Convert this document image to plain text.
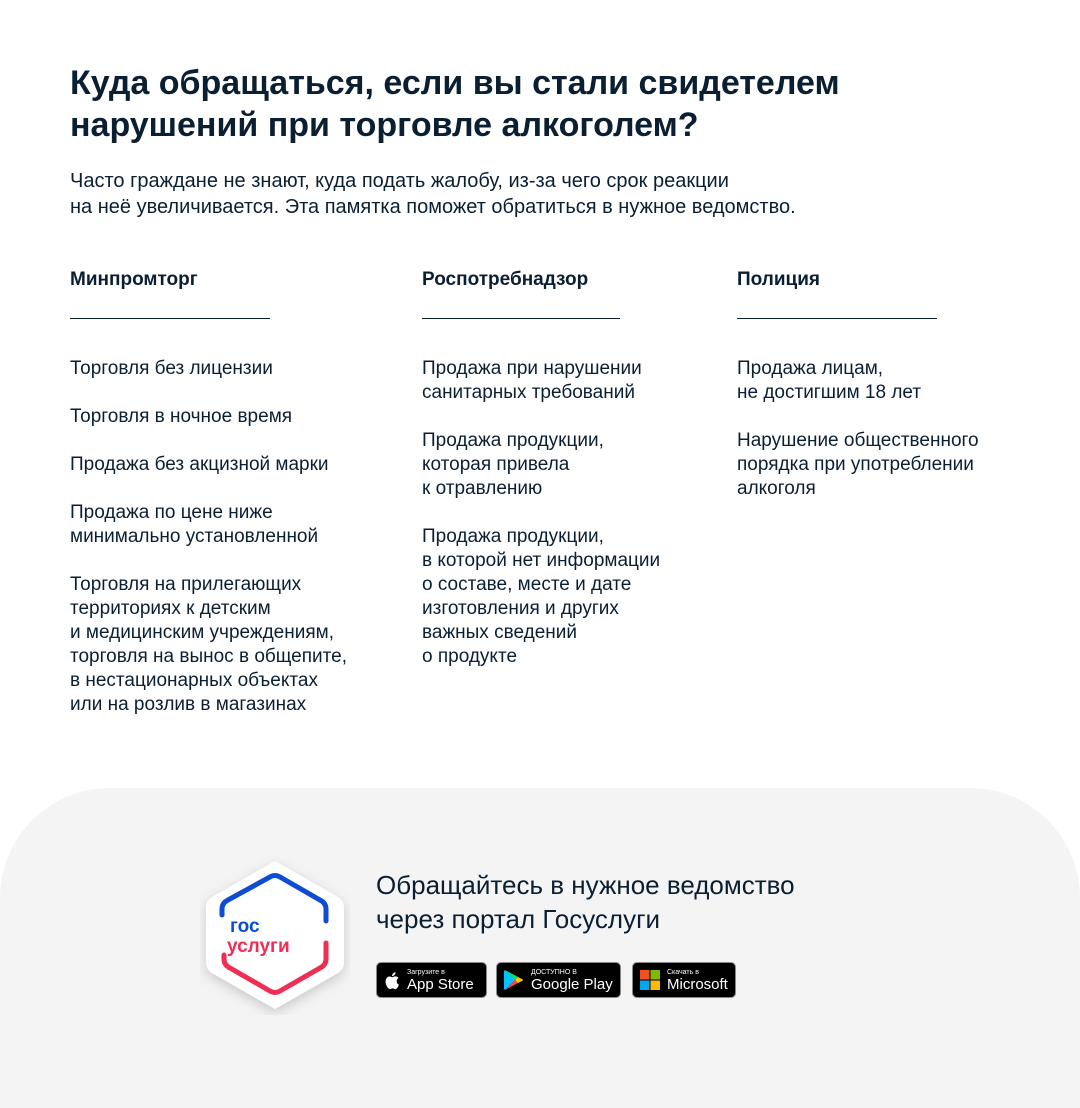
Куда обращаться, если вы стали свидетелем
нарушений при торговле алкоголем?

Часто граждане не знают, куда подать жалобу, из-за чего срок реакции
на неё увеличивается. Эта памятка поможет обратиться в нужное ведомство.

Минпромторг

Торговля без лицензии

Торговля в ночное время

Продажа без акцизной марки

Продажа по цене ниже
минимально установленной

Торговля на прилегающих
территориях к детским
и медицинским учреждениям,
торговля на вынос в общепите,
в нестационарных объектах
или на розлив в магазинах

Роспотребнадзор

Продажа при нарушении
санитарных требований

Продажа продукции,
которая привела
к отравлению

Продажа продукции,
в которой нет информации
о составе, месте и дате
изготовления и других
важных сведений
о продукте

Полиция

Продажа лицам,
не достигшим 18 лет

Нарушение общественного
порядка при употреблении
алкоголя

гос
услуги
Обращайтесь в нужное ведомство
через портал Госуслуги
Загрузите в
App Store
ДОСТУПНО В
Google Play
Скачать в
Microsoft
